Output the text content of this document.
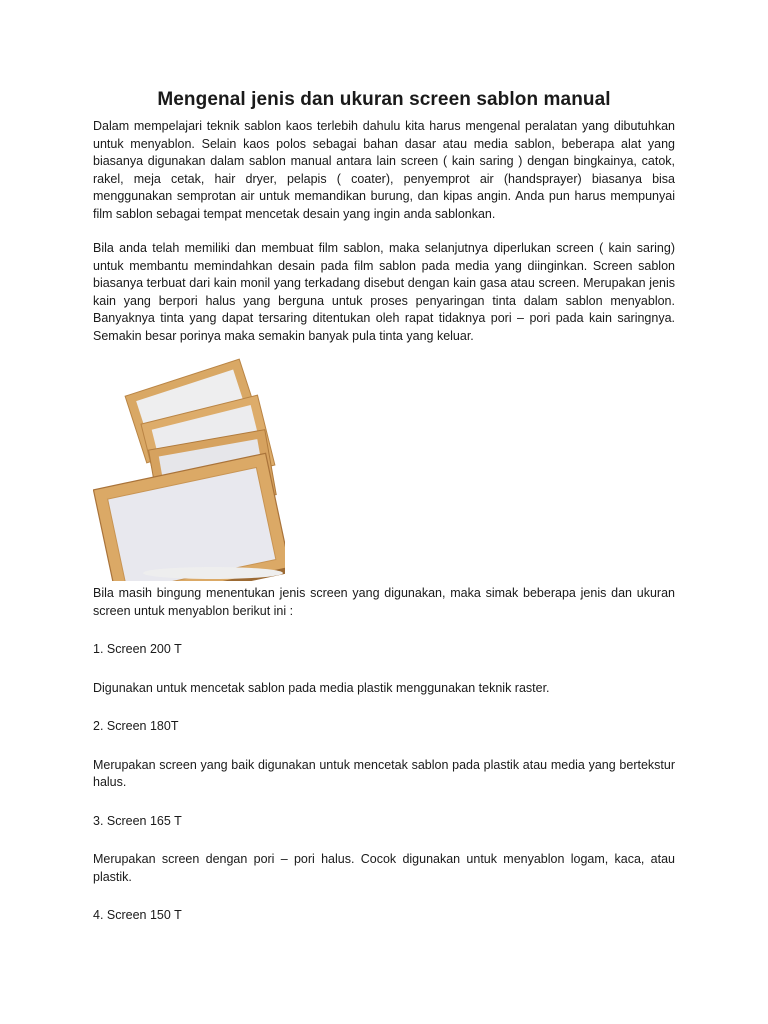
Mengenal jenis dan ukuran screen sablon manual

Dalam mempelajari teknik sablon kaos terlebih dahulu kita harus mengenal peralatan yang dibutuhkan untuk menyablon. Selain kaos polos sebagai bahan dasar atau media sablon, beberapa alat yang biasanya digunakan dalam sablon manual antara lain screen ( kain saring ) dengan bingkainya, catok, rakel, meja cetak, hair dryer, pelapis ( coater), penyemprot air (handsprayer) biasanya bisa menggunakan semprotan air untuk memandikan burung, dan kipas angin. Anda pun harus mempunyai film sablon sebagai tempat mencetak desain yang ingin anda sablonkan.

Bila anda telah memiliki dan membuat film sablon, maka selanjutnya diperlukan screen ( kain saring) untuk membantu memindahkan desain pada film sablon pada media yang diinginkan. Screen sablon biasanya terbuat dari kain monil yang terkadang disebut dengan kain gasa atau screen. Merupakan jenis kain yang berpori halus yang berguna untuk proses penyaringan tinta dalam sablon menyablon. Banyaknya tinta yang dapat tersaring ditentukan oleh rapat tidaknya pori – pori pada kain saringnya. Semakin besar porinya maka semakin banyak pula tinta yang keluar.

Bila masih bingung menentukan jenis screen yang digunakan, maka simak beberapa jenis dan ukuran screen untuk menyablon berikut ini :

1. Screen 200 T

Digunakan untuk mencetak sablon pada media plastik menggunakan teknik raster.

2. Screen 180T

Merupakan screen yang baik digunakan untuk mencetak sablon pada plastik atau media yang bertekstur halus.

3. Screen 165 T

Merupakan screen dengan pori – pori halus. Cocok digunakan untuk menyablon logam, kaca, atau plastik.

4. Screen 150 T
